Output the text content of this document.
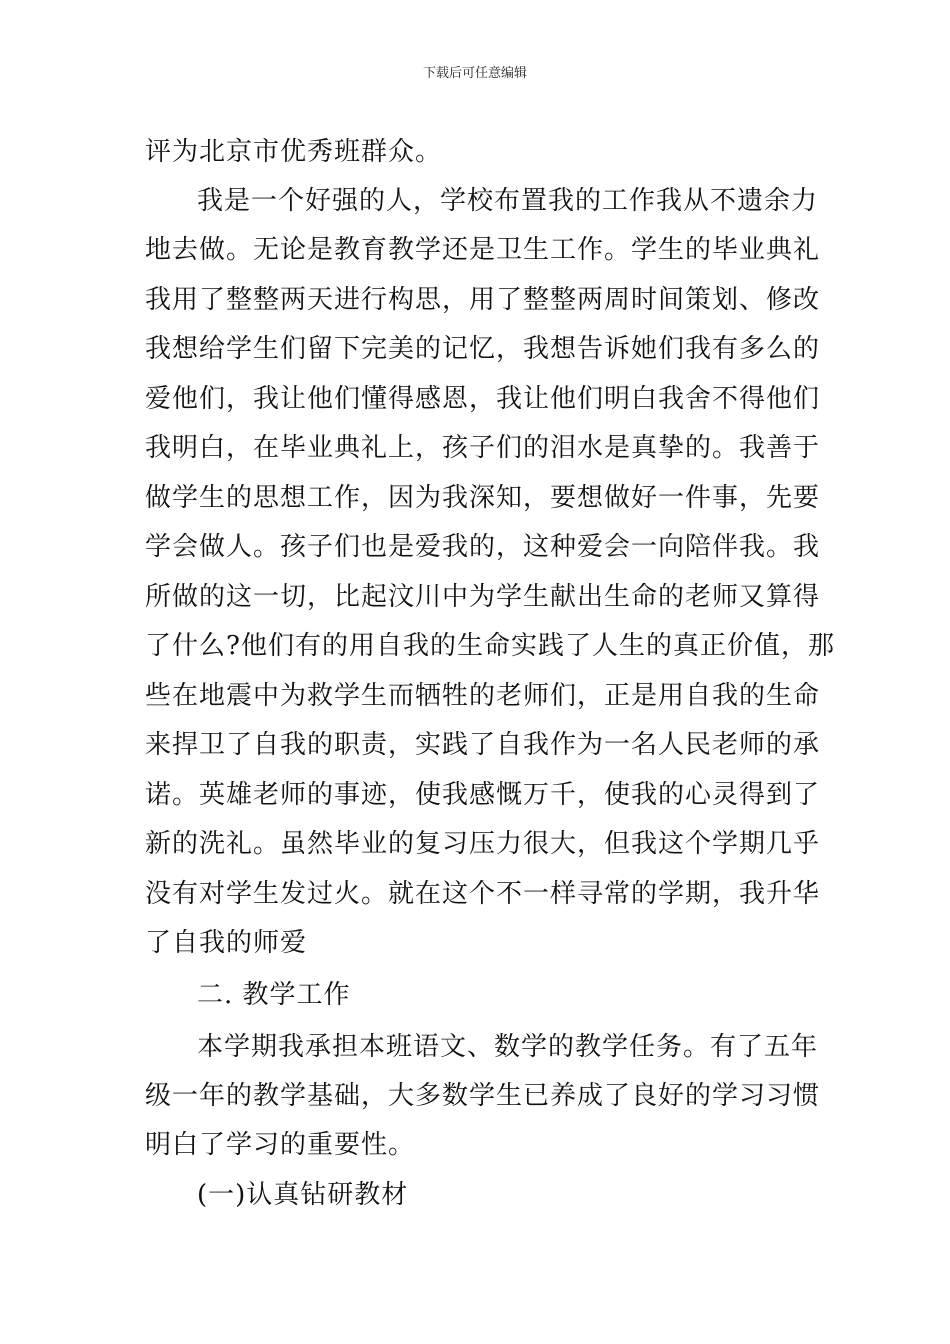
下载后可任意编辑
评为北京市优秀班群众。
我是一个好强的人，学校布置我的工作我从不遗余力
地去做。无论是教育教学还是卫生工作。学生的毕业典礼
我用了整整两天进行构思，用了整整两周时间策划、修改
我想给学生们留下完美的记忆，我想告诉她们我有多么的
爱他们，我让他们懂得感恩，我让他们明白我舍不得他们
我明白，在毕业典礼上，孩子们的泪水是真挚的。我善于
做学生的思想工作，因为我深知，要想做好一件事，先要
学会做人。孩子们也是爱我的，这种爱会一向陪伴我。我
所做的这一切，比起汶川中为学生献出生命的老师又算得
了什么?他们有的用自我的生命实践了人生的真正价值，那
些在地震中为救学生而牺牲的老师们，正是用自我的生命
来捍卫了自我的职责，实践了自我作为一名人民老师的承
诺。英雄老师的事迹，使我感慨万千，使我的心灵得到了
新的洗礼。虽然毕业的复习压力很大，但我这个学期几乎
没有对学生发过火。就在这个不一样寻常的学期，我升华
了自我的师爱
二. 教学工作
本学期我承担本班语文、数学的教学任务。有了五年
级一年的教学基础，大多数学生已养成了良好的学习习惯
明白了学习的重要性。
(一)认真钻研教材
